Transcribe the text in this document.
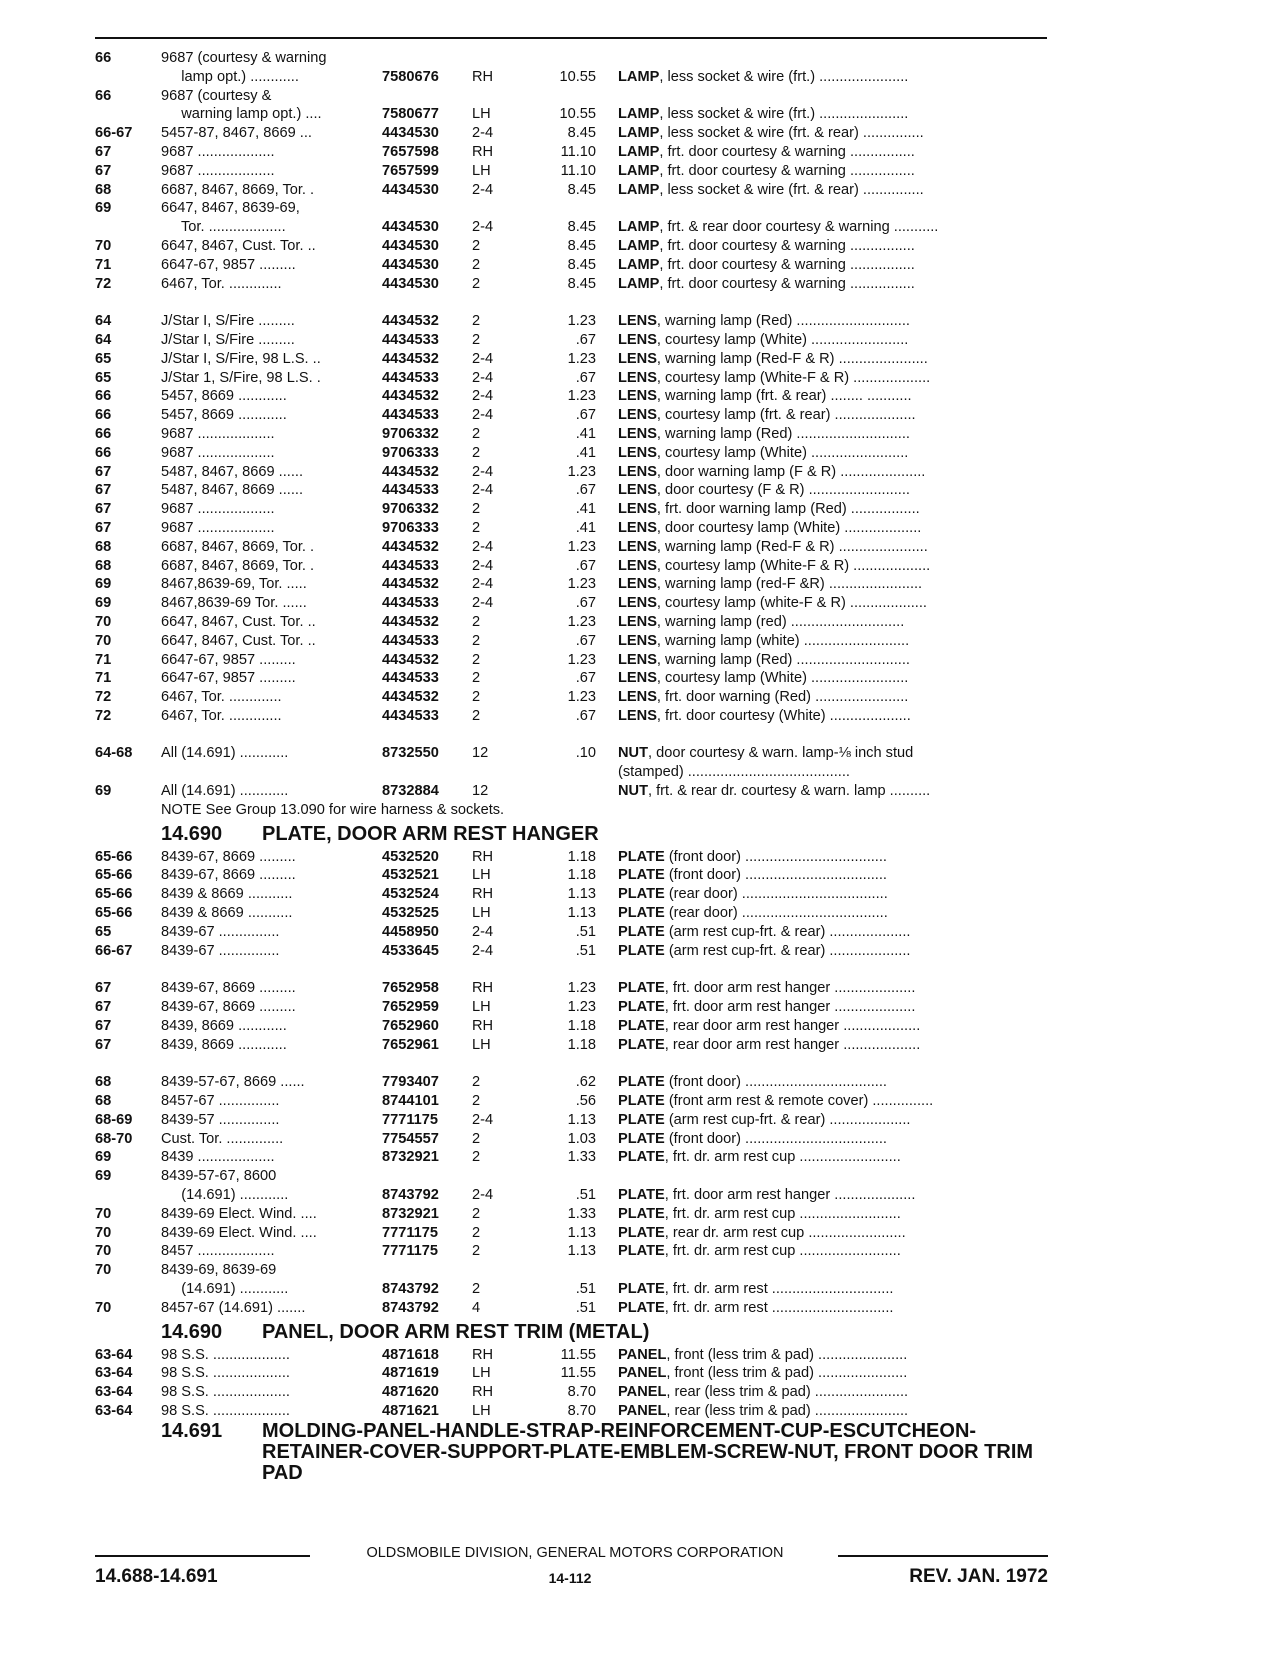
66	9687 (courtesy & warning
lamp opt.) ............	7580676	RH	10.55 LAMP, less socket & wire (frt.) ......................
66	9687 (courtesy &
warning lamp opt.) ....	7580677	LH	10.55 LAMP, less socket & wire (frt.) ......................
66-67	5457-87, 8467, 8669 ...	4434530	2-4	8.45 LAMP, less socket & wire (frt. & rear) ...............
67	9687 ...................	7657598	RH	11.10 LAMP, frt. door courtesy & warning ................
67	9687 ...................	7657599	LH	11.10 LAMP, frt. door courtesy & warning ................
68	6687, 8467, 8669, Tor. .	4434530	2-4	8.45 LAMP, less socket & wire (frt. & rear) ...............
69	6647, 8467, 8639-69,
Tor. ...................	4434530	2-4	8.45 LAMP, frt. & rear door courtesy & warning ...........
70	6647, 8467, Cust. Tor. ..	4434530	2	8.45 LAMP, frt. door courtesy & warning ................
71	6647-67, 9857 .........	4434530	2	8.45 LAMP, frt. door courtesy & warning ................
72	6467, Tor. .............	4434530	2	8.45 LAMP, frt. door courtesy & warning ................
64	J/Star I, S/Fire .........	4434532	2	1.23 LENS, warning lamp (Red) ............................
64	J/Star I, S/Fire .........	4434533	2	.67 LENS, courtesy lamp (White) ........................
65	J/Star I, S/Fire, 98 L.S. ..	4434532	2-4	1.23 LENS, warning lamp (Red-F & R) ......................
65	J/Star 1, S/Fire, 98 L.S. .	4434533	2-4	.67 LENS, courtesy lamp (White-F & R) ...................
66	5457, 8669 ............	4434532	2-4	1.23 LENS, warning lamp (frt. & rear) ........ ...........
66	5457, 8669 ............	4434533	2-4	.67 LENS, courtesy lamp (frt. & rear) ....................
66	9687 ...................	9706332	2	.41 LENS, warning lamp (Red) ............................
66	9687 ...................	9706333	2	.41 LENS, courtesy lamp (White) ........................
67	5487, 8467, 8669 ......	4434532	2-4	1.23 LENS, door warning lamp (F & R) .....................
67	5487, 8467, 8669 ......	4434533	2-4	.67 LENS, door courtesy (F & R) .........................
67	9687 ...................	9706332	2	.41 LENS, frt. door warning lamp (Red) .................
67	9687 ...................	9706333	2	.41 LENS, door courtesy lamp (White) ...................
68	6687, 8467, 8669, Tor. .	4434532	2-4	1.23 LENS, warning lamp (Red-F & R) ......................
68	6687, 8467, 8669, Tor. .	4434533	2-4	.67 LENS, courtesy lamp (White-F & R) ...................
69	8467,8639-69, Tor. .....	4434532	2-4	1.23 LENS, warning lamp (red-F &R) .......................
69	8467,8639-69 Tor. ......	4434533	2-4	.67 LENS, courtesy lamp (white-F & R) ...................
70	6647, 8467, Cust. Tor. ..	4434532	2	1.23 LENS, warning lamp (red) ............................
70	6647, 8467, Cust. Tor. ..	4434533	2	.67 LENS, warning lamp (white) ..........................
71	6647-67, 9857 .........	4434532	2	1.23 LENS, warning lamp (Red) ............................
71	6647-67, 9857 .........	4434533	2	.67 LENS, courtesy lamp (White) ........................
72	6467, Tor. .............	4434532	2	1.23 LENS, frt. door warning (Red) .......................
72	6467, Tor. .............	4434533	2	.67 LENS, frt. door courtesy (White) ....................
64-68	All (14.691) ............	8732550	12	.10 NUT, door courtesy & warn. lamp-⅛ inch stud
(stamped) ........................................
69	All (14.691) ............	8732884	12	NUT, frt. & rear dr. courtesy & warn. lamp ..........
NOTE See Group 13.090 for wire harness & sockets.
14.690 PLATE, DOOR ARM REST HANGER
65-66	8439-67, 8669 .........	4532520	RH	1.18 PLATE (front door) ...................................
65-66	8439-67, 8669 .........	4532521	LH	1.18 PLATE (front door) ...................................
65-66	8439 & 8669 ...........	4532524	RH	1.13 PLATE (rear door) ....................................
65-66	8439 & 8669 ...........	4532525	LH	1.13 PLATE (rear door) ....................................
65	8439-67 ...............	4458950	2-4	.51 PLATE (arm rest cup-frt. & rear) ....................
66-67	8439-67 ...............	4533645	2-4	.51 PLATE (arm rest cup-frt. & rear) ....................
67	8439-67, 8669 .........	7652958	RH	1.23 PLATE, frt. door arm rest hanger ....................
67	8439-67, 8669 .........	7652959	LH	1.23 PLATE, frt. door arm rest hanger ....................
67	8439, 8669 ............	7652960	RH	1.18 PLATE, rear door arm rest hanger ...................
67	8439, 8669 ............	7652961	LH	1.18 PLATE, rear door arm rest hanger ...................
68	8439-57-67, 8669 ......	7793407	2	.62 PLATE (front door) ...................................
68	8457-67 ...............	8744101	2	.56 PLATE (front arm rest & remote cover) ...............
68-69	8439-57 ...............	7771175	2-4	1.13 PLATE (arm rest cup-frt. & rear) ....................
68-70	Cust. Tor. ..............	7754557	2	1.03 PLATE (front door) ...................................
69	8439 ...................	8732921	2	1.33 PLATE, frt. dr. arm rest cup .........................
69	8439-57-67, 8600
(14.691) ............	8743792	2-4	.51 PLATE, frt. door arm rest hanger ....................
70	8439-69 Elect. Wind. ....	8732921	2	1.33 PLATE, frt. dr. arm rest cup .........................
70	8439-69 Elect. Wind. ....	7771175	2	1.13 PLATE, rear dr. arm rest cup ........................
70	8457 ...................	7771175	2	1.13 PLATE, frt. dr. arm rest cup .........................
70	8439-69, 8639-69
(14.691) ............	8743792	2	.51 PLATE, frt. dr. arm rest ..............................
70	8457-67 (14.691) .......	8743792	4	.51 PLATE, frt. dr. arm rest ..............................
14.690 PANEL, DOOR ARM REST TRIM (METAL)
63-64	98 S.S. ...................	4871618	RH	11.55 PANEL, front (less trim & pad) ......................
63-64	98 S.S. ...................	4871619	LH	11.55 PANEL, front (less trim & pad) ......................
63-64	98 S.S. ...................	4871620	RH	8.70 PANEL, rear (less trim & pad) .......................
63-64	98 S.S. ...................	4871621	LH	8.70 PANEL, rear (less trim & pad) .......................
14.691 MOLDING-PANEL-HANDLE-STRAP-REINFORCEMENT-CUP-ESCUTCHEON-RETAINER-COVER-SUPPORT-PLATE-EMBLEM-SCREW-NUT, FRONT DOOR TRIM PAD
OLDSMOBILE DIVISION, GENERAL MOTORS CORPORATION
14.688-14.691	14-112	REV. JAN. 1972
